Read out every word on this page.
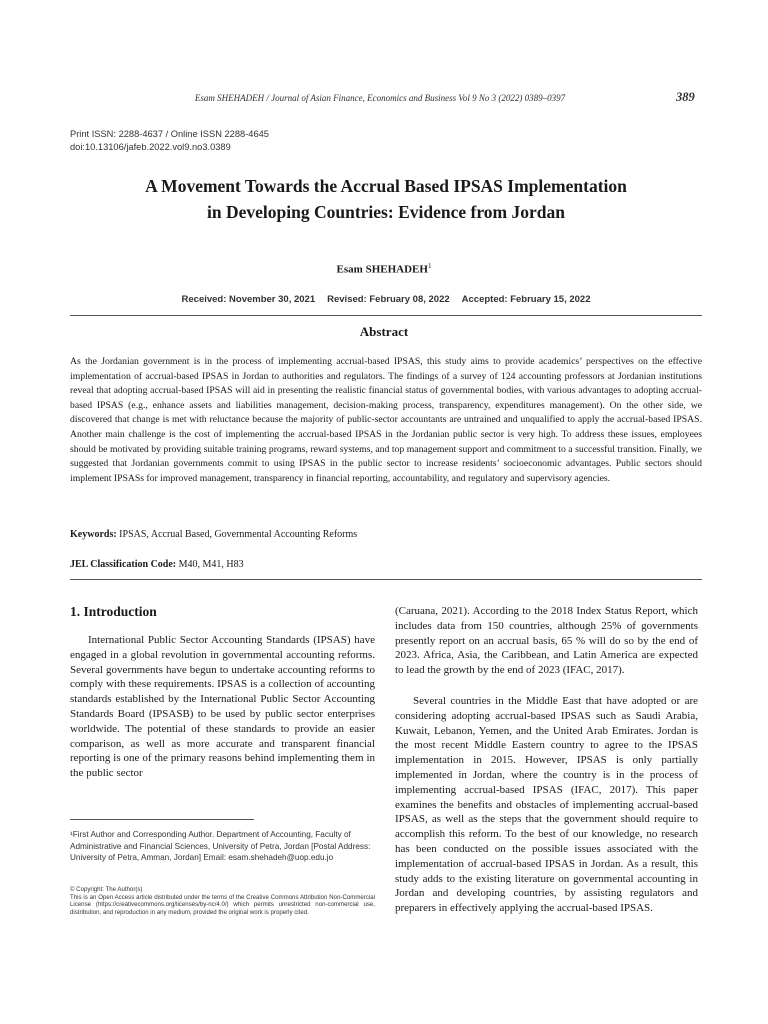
Esam SHEHADEH / Journal of Asian Finance, Economics and Business Vol 9 No 3 (2022) 0389–0397	389
Print ISSN: 2288-4637 / Online ISSN 2288-4645
doi:10.13106/jafeb.2022.vol9.no3.0389
A Movement Towards the Accrual Based IPSAS Implementation
in Developing Countries: Evidence from Jordan
Esam SHEHADEH$^1$
Received: November 30, 2021 Revised: February 08, 2022 Accepted: February 15, 2022
Abstract
As the Jordanian government is in the process of implementing accrual-based IPSAS, this study aims to provide academics’ perspectives on the effective implementation of accrual-based IPSAS in Jordan to authorities and regulators. The findings of a survey of 124 accounting professors at Jordanian institutions reveal that adopting accrual-based IPSAS will aid in presenting the realistic financial status of governmental bodies, with various advantages to adopting accrual-based IPSAS (e.g., enhance assets and liabilities management, decision-making process, transparency, expenditures management). On the other side, we discovered that change is met with reluctance because the majority of public-sector accountants are untrained and unqualified to apply the accrual-based IPSAS. Another main challenge is the cost of implementing the accrual-based IPSAS in the Jordanian public sector is very high. To address these issues, employees should be motivated by providing suitable training programs, reward systems, and top management support and commitment to a successful transition. Finally, we suggested that Jordanian governments commit to using IPSAS in the public sector to increase residents’ socioeconomic advantages. Public sectors should implement IPSASs for improved management, transparency in financial reporting, accountability, and regulatory and supervisory agencies.
Keywords: IPSAS, Accrual Based, Governmental Accounting Reforms
JEL Classification Code: M40, M41, H83
1. Introduction
International Public Sector Accounting Standards (IPSAS) have engaged in a global revolution in governmental accounting reforms. Several governments have begun to undertake accounting reforms to comply with these requirements. IPSAS is a collection of accounting standards established by the International Public Sector Accounting Standards Board (IPSASB) to be used by public sector enterprises worldwide. The potential of these standards to provide an easier comparison, as well as more accurate and transparent financial reporting is one of the primary reasons behind implementing them in the public sector
¹First Author and Corresponding Author. Department of Accounting, Faculty of Administrative and Financial Sciences, University of Petra, Jordan [Postal Address: University of Petra, Amman, Jordan] Email: esam.shehadeh@uop.edu.jo
© Copyright: The Author(s)
This is an Open Access article distributed under the terms of the Creative Commons Attribution Non-Commercial License (https://creativecommons.org/licenses/by-nc/4.0/) which permits unrestricted non-commercial use, distribution, and reproduction in any medium, provided the original work is properly cited.
(Caruana, 2021). According to the 2018 Index Status Report, which includes data from 150 countries, although 25% of governments presently report on an accrual basis, 65 % will do so by the end of 2023. Africa, Asia, the Caribbean, and Latin America are expected to lead the growth by the end of 2023 (IFAC, 2017).
Several countries in the Middle East that have adopted or are considering adopting accrual-based IPSAS such as Saudi Arabia, Kuwait, Lebanon, Yemen, and the United Arab Emirates. Jordan is the most recent Middle Eastern country to agree to the IPSAS implementation in 2015. However, IPSAS is only partially implemented in Jordan, where the country is in the process of implementing accrual-based IPSAS (IFAC, 2017). This paper examines the benefits and obstacles of implementing accrual-based IPSAS, as well as the steps that the government should require to accomplish this reform. To the best of our knowledge, no research has been conducted on the possible issues associated with the implementation of accrual-based IPSAS in Jordan. As a result, this study adds to the existing literature on governmental accounting in Jordan and developing countries, by assisting regulators and preparers in effectively applying the accrual-based IPSAS.
